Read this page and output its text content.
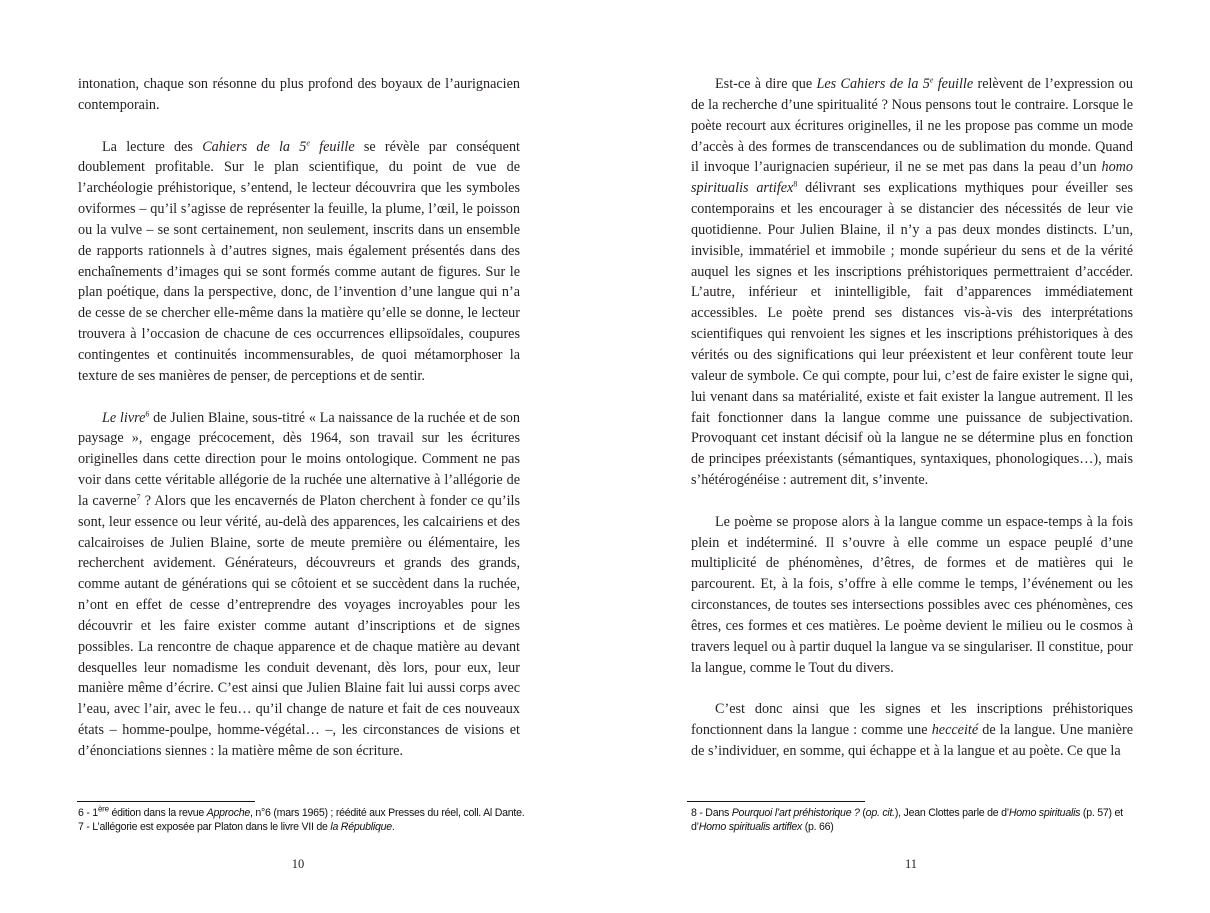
intonation, chaque son résonne du plus profond des boyaux de l’aurignacien contemporain.

La lecture des Cahiers de la 5e feuille se révèle par conséquent doublement profitable. Sur le plan scientifique, du point de vue de l’archéologie préhistorique, s’entend, le lecteur découvrira que les symboles oviformes – qu’il s’agisse de représenter la feuille, la plume, l’œil, le poisson ou la vulve – se sont certainement, non seulement, inscrits dans un ensemble de rapports rationnels à d’autres signes, mais également présentés dans des enchaînements d’images qui se sont formés comme autant de figures. Sur le plan poétique, dans la perspective, donc, de l’invention d’une langue qui n’a de cesse de se chercher elle-même dans la matière qu’elle se donne, le lecteur trouvera à l’occasion de chacune de ces occurrences ellipsoïdales, coupures contingentes et continuités incommensurables, de quoi métamorphoser la texture de ses manières de penser, de perceptions et de sentir.

Le livre$^6$ de Julien Blaine, sous-titré « La naissance de la ruchée et de son paysage », engage précocement, dès 1964, son travail sur les écritures originelles dans cette direction pour le moins ontologique. Comment ne pas voir dans cette véritable allégorie de la ruchée une alternative à l’allégorie de la caverne$^7$ ? Alors que les encavernés de Platon cherchent à fonder ce qu’ils sont, leur essence ou leur vérité, au-delà des apparences, les calcairiens et des calcairoises de Julien Blaine, sorte de meute première ou élémentaire, les recherchent avidement. Générateurs, découvreurs et grands des grands, comme autant de générations qui se côtoient et se succèdent dans la ruchée, n’ont en effet de cesse d’entreprendre des voyages incroyables pour les découvrir et les faire exister comme autant d’inscriptions et de signes possibles. La rencontre de chaque apparence et de chaque matière au devant desquelles leur nomadisme les conduit devenant, dès lors, pour eux, leur manière même d’écrire. C’est ainsi que Julien Blaine fait lui aussi corps avec l’eau, avec l’air, avec le feu… qu’il change de nature et fait de ces nouveaux états – homme-poulpe, homme-végétal… –, les circonstances de visions et d’énonciations siennes : la matière même de son écriture.

6 - 1ère édition dans la revue Approche, n°6 (mars 1965) ; réédité aux Presses du réel, coll. Al Dante.

7 - L’allégorie est exposée par Platon dans le livre VII de la République.

10

Est-ce à dire que Les Cahiers de la 5e feuille relèvent de l’expression ou de la recherche d’une spiritualité ? Nous pensons tout le contraire. Lorsque le poète recourt aux écritures originelles, il ne les propose pas comme un mode d’accès à des formes de transcendances ou de sublimation du monde. Quand il invoque l’aurignacien supérieur, il ne se met pas dans la peau d’un homo spiritualis artifex$^8$ délivrant ses explications mythiques pour éveiller ses contemporains et les encourager à se distancier des nécessités de leur vie quotidienne. Pour Julien Blaine, il n’y a pas deux mondes distincts. L’un, invisible, immatériel et immobile ; monde supérieur du sens et de la vérité auquel les signes et les inscriptions préhistoriques permettraient d’accéder. L’autre, inférieur et inintelligible, fait d’apparences immédiatement accessibles. Le poète prend ses distances vis-à-vis des interprétations scientifiques qui renvoient les signes et les inscriptions préhistoriques à des vérités ou des significations qui leur préexistent et leur confèrent toute leur valeur de symbole. Ce qui compte, pour lui, c’est de faire exister le signe qui, lui venant dans sa matérialité, existe et fait exister la langue autrement. Il les fait fonctionner dans la langue comme une puissance de subjectivation. Provoquant cet instant décisif où la langue ne se détermine plus en fonction de principes préexistants (sémantiques, syntaxiques, phonologiques…), mais s’hétérogénéise : autrement dit, s’invente.

Le poème se propose alors à la langue comme un espace-temps à la fois plein et indéterminé. Il s’ouvre à elle comme un espace peuplé d’une multiplicité de phénomènes, d’êtres, de formes et de matières qui le parcourent. Et, à la fois, s’offre à elle comme le temps, l’événement ou les circonstances, de toutes ses intersections possibles avec ces phénomènes, ces êtres, ces formes et ces matières. Le poème devient le milieu ou le cosmos à travers lequel ou à partir duquel la langue va se singulariser. Il constitue, pour la langue, comme le Tout du divers.

C’est donc ainsi que les signes et les inscriptions préhistoriques fonctionnent dans la langue : comme une hecceité de la langue. Une manière de s’individuer, en somme, qui échappe et à la langue et au poète. Ce que la

8 - Dans Pourquoi l’art préhistorique ? (op. cit.), Jean Clottes parle de d’Homo spiritualis (p. 57) et d’Homo spiritualis artiflex (p. 66)

11
